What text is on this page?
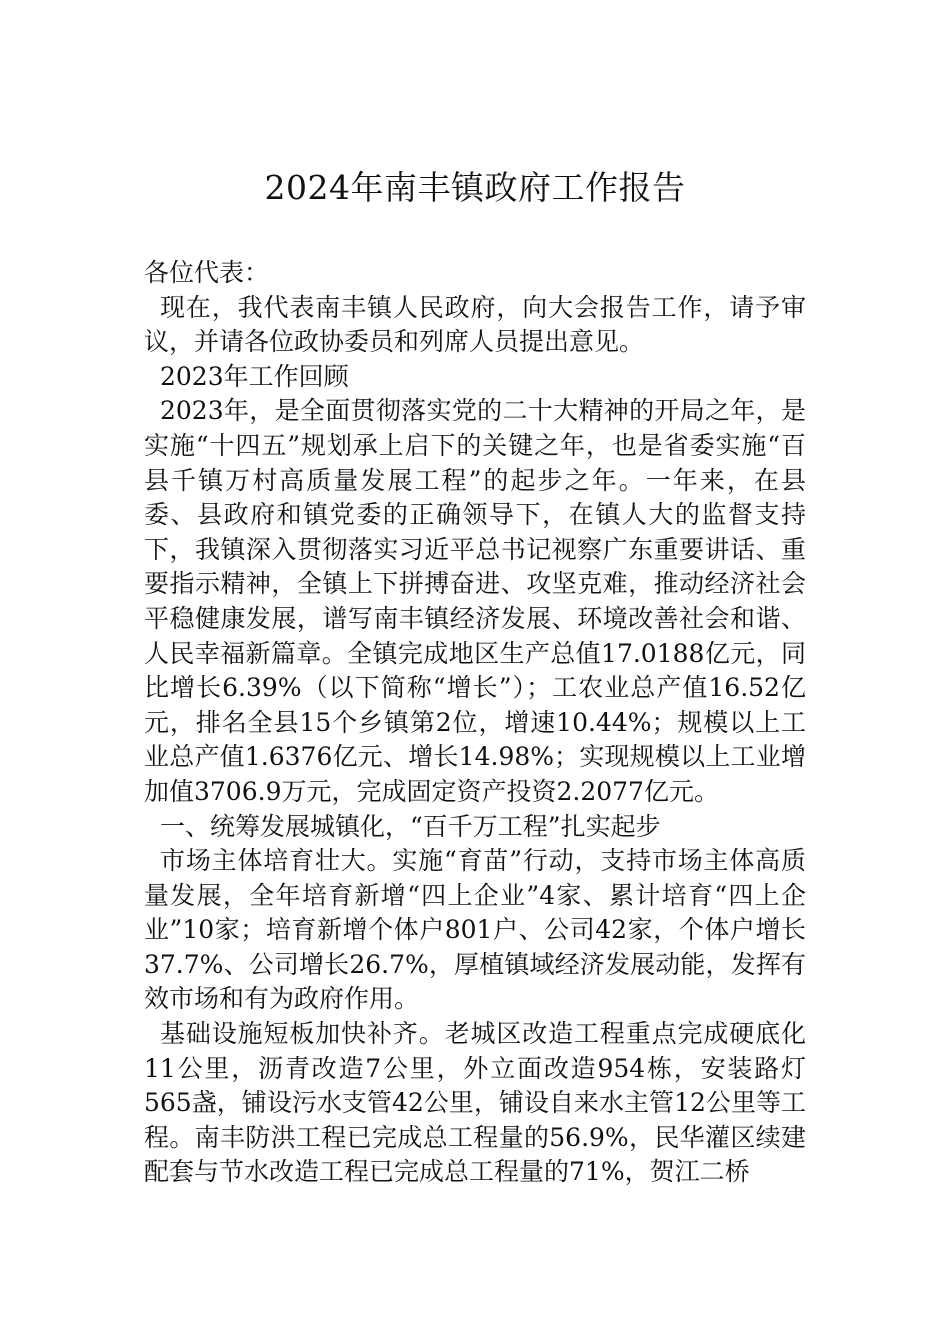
2024年南丰镇政府工作报告

各位代表：

现在，我代表南丰镇人民政府，向大会报告工作，请予审议，并请各位政协委员和列席人员提出意见。

2023年工作回顾

2023年，是全面贯彻落实党的二十大精神的开局之年，是实施“十四五”规划承上启下的关键之年，也是省委实施“百县千镇万村高质量发展工程”的起步之年。一年来，在县委、县政府和镇党委的正确领导下，在镇人大的监督支持下，我镇深入贯彻落实习近平总书记视察广东重要讲话、重要指示精神，全镇上下拼搏奋进、攻坚克难，推动经济社会平稳健康发展，谱写南丰镇经济发展、环境改善社会和谐、人民幸福新篇章。全镇完成地区生产总值17.0188亿元，同比增长6.39%（以下简称“增长”）；工农业总产值16.52亿元，排名全县15个乡镇第2位，增速10.44%；规模以上工业总产值1.6376亿元、增长14.98%；实现规模以上工业增加值3706.9万元，完成固定资产投资2.2077亿元。

一、统筹发展城镇化，“百千万工程”扎实起步

市场主体培育壮大。实施“育苗”行动，支持市场主体高质量发展，全年培育新增“四上企业”4家、累计培育“四上企业”10家；培育新增个体户801户、公司42家，个体户增长37.7%、公司增长26.7%，厚植镇域经济发展动能，发挥有效市场和有为政府作用。

基础设施短板加快补齐。老城区改造工程重点完成硬底化11公里，沥青改造7公里，外立面改造954栋，安装路灯565盏，铺设污水支管42公里，铺设自来水主管12公里等工程。南丰防洪工程已完成总工程量的56.9%，民华灌区续建配套与节水改造工程已完成总工程量的71%，贺江二桥
